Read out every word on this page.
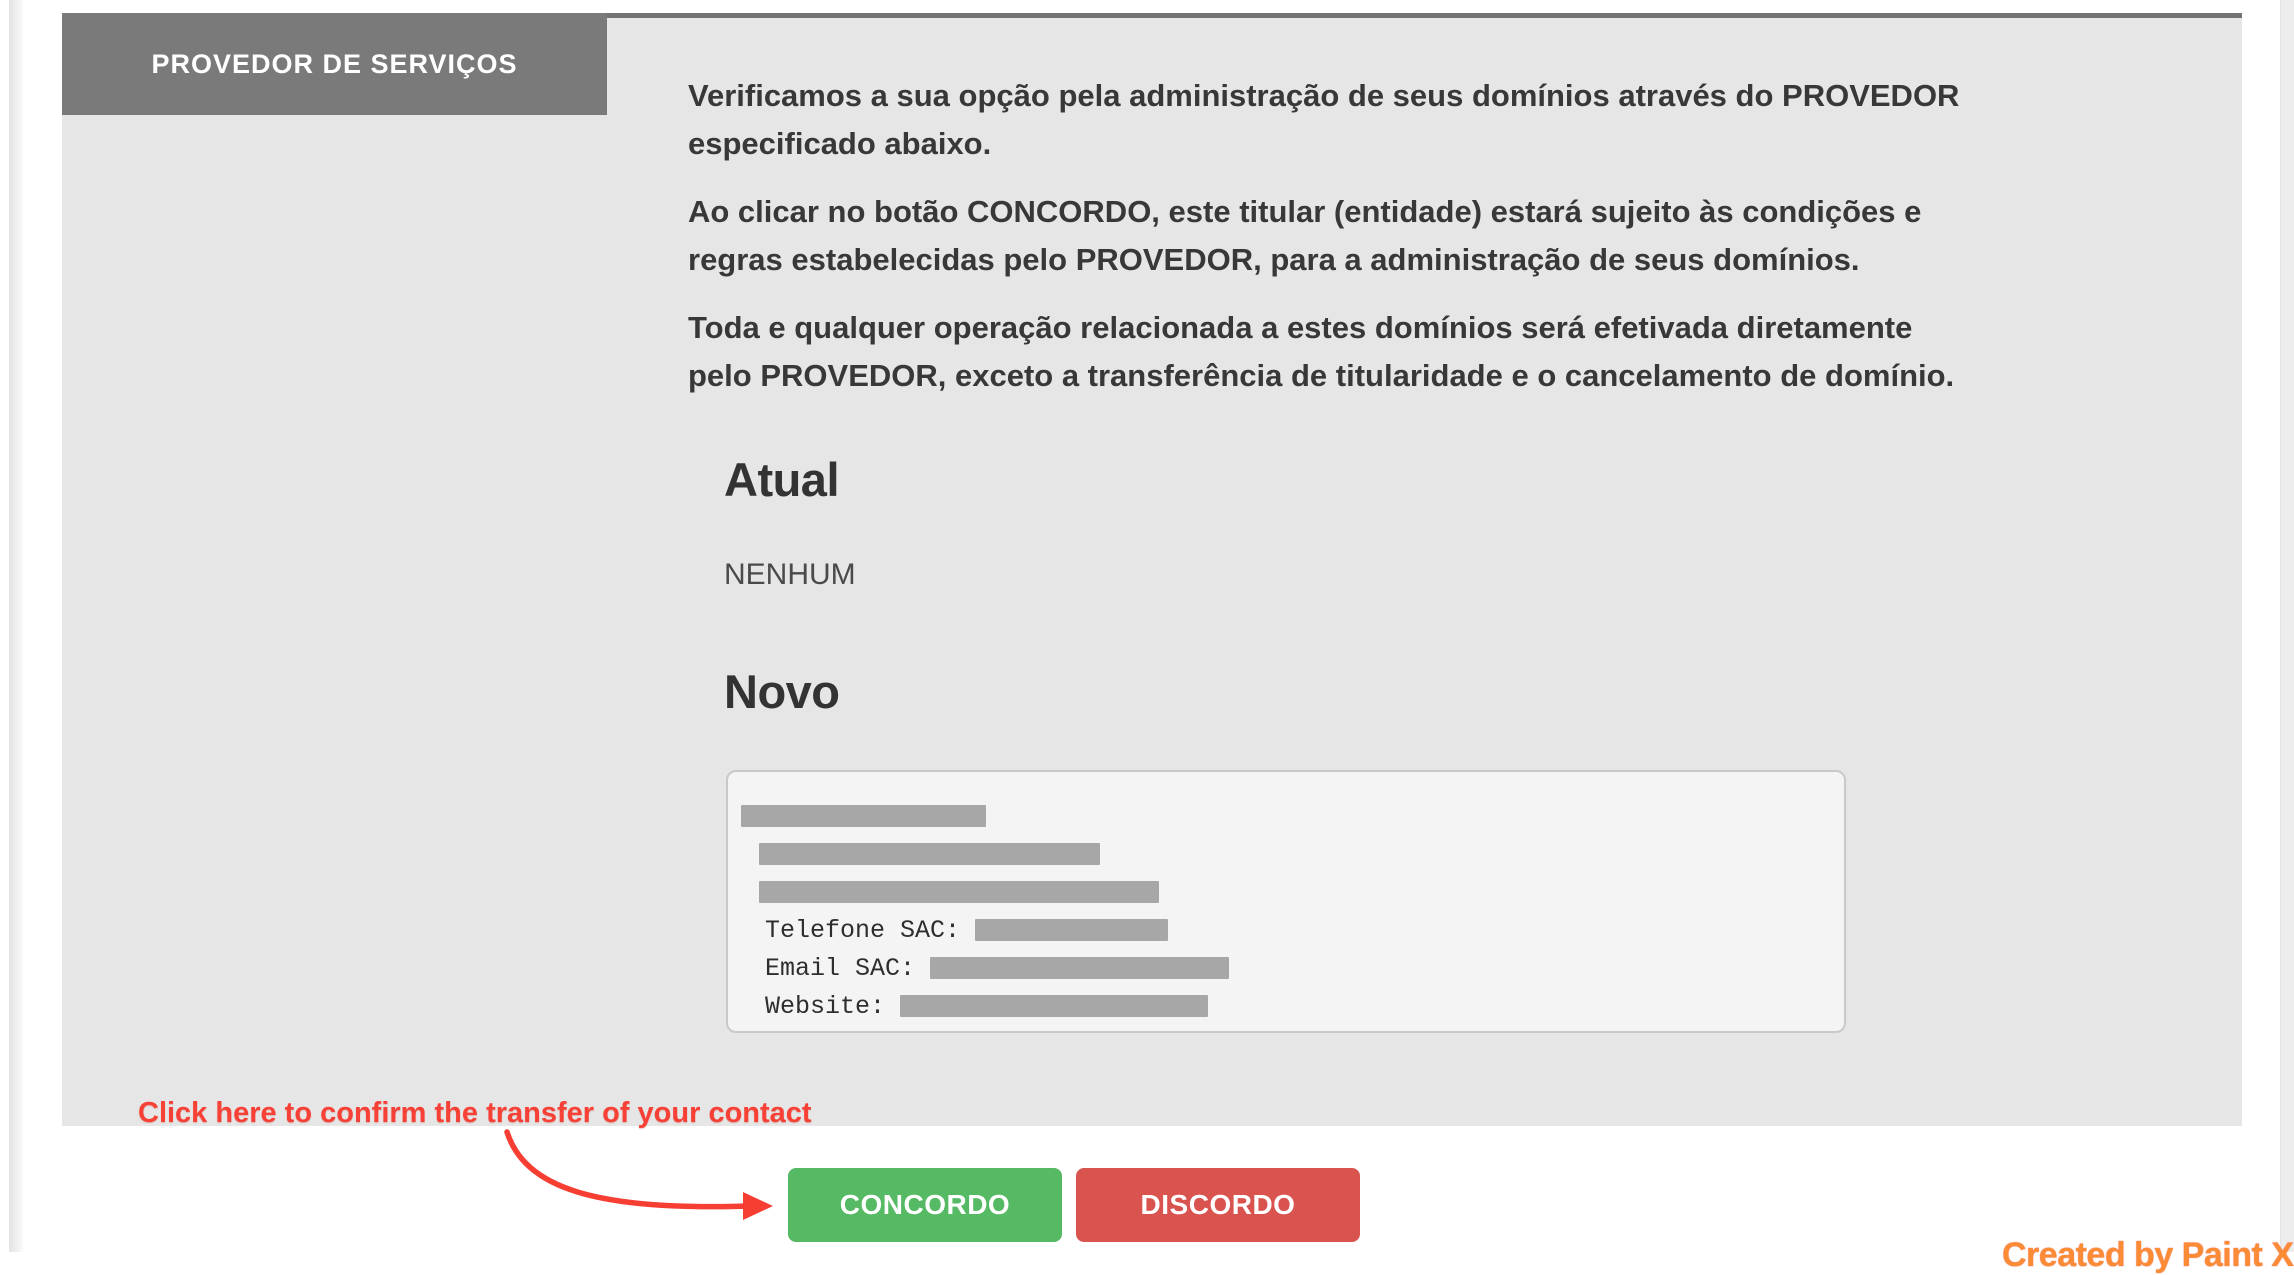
PROVEDOR DE SERVIÇOS
Verificamos a sua opção pela administração de seus domínios através do PROVEDOR
especificado abaixo.
Ao clicar no botão CONCORDO, este titular (entidade) estará sujeito às condições e
regras estabelecidas pelo PROVEDOR, para a administração de seus domínios.
Toda e qualquer operação relacionada a estes domínios será efetivada diretamente
pelo PROVEDOR, exceto a transferência de titularidade e o cancelamento de domínio.
Atual
NENHUM
Novo
Telefone SAC:
Email SAC:
Website:
Click here to confirm the transfer of your contact
CONCORDO	DISCORDO
Created by Paint X
